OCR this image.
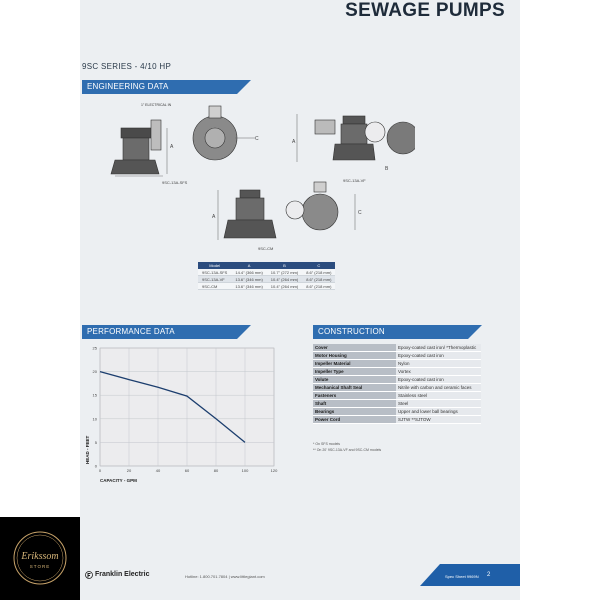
SEWAGE PUMPS
9SC SERIES - 4/10 HP
ENGINEERING DATA
A
1" ELECTRICAL IN
C
9SC-13A-SFS
A
B
9SC-13A-VF
A
C
9SC-CM
Model	A	B	C
9SC-13A-SFS	14.4" (366 mm)	10.7" (272 mm)	8.6" (218 mm)
9SC-13A-VF	13.6" (346 mm)	10.4" (264 mm)	8.6" (218 mm)
9SC-CM	13.6" (346 mm)	10.4" (264 mm)	8.6" (218 mm)
PERFORMANCE DATA
0	20	40	60	80	100	120
0
5
10
15
20
25
CAPACITY - GPM
HEAD - FEET
CONSTRUCTION
Cover	Epoxy-coated cast iron/ *Thermoplastic
Motor Housing	Epoxy-coated cast iron
Impeller Material	Nylon
Impeller Type	Vortex
Volute	Epoxy-coated cast iron
Mechanical Shaft Seal	Nitrile with carbon and ceramic faces
Fasteners	Stainless steel
Shaft	Steel
Bearings	Upper and lower ball bearings
Power Cord	SJTW **SJTOW
* On SFS models
** On 20' 9SC-13A-VF and 9SC-CM models
Erikssom
STORE
Franklin Electric	Hotline: 1.800.701.7804 | www.littlegiant.com	Spec Sheet 9969N 2
